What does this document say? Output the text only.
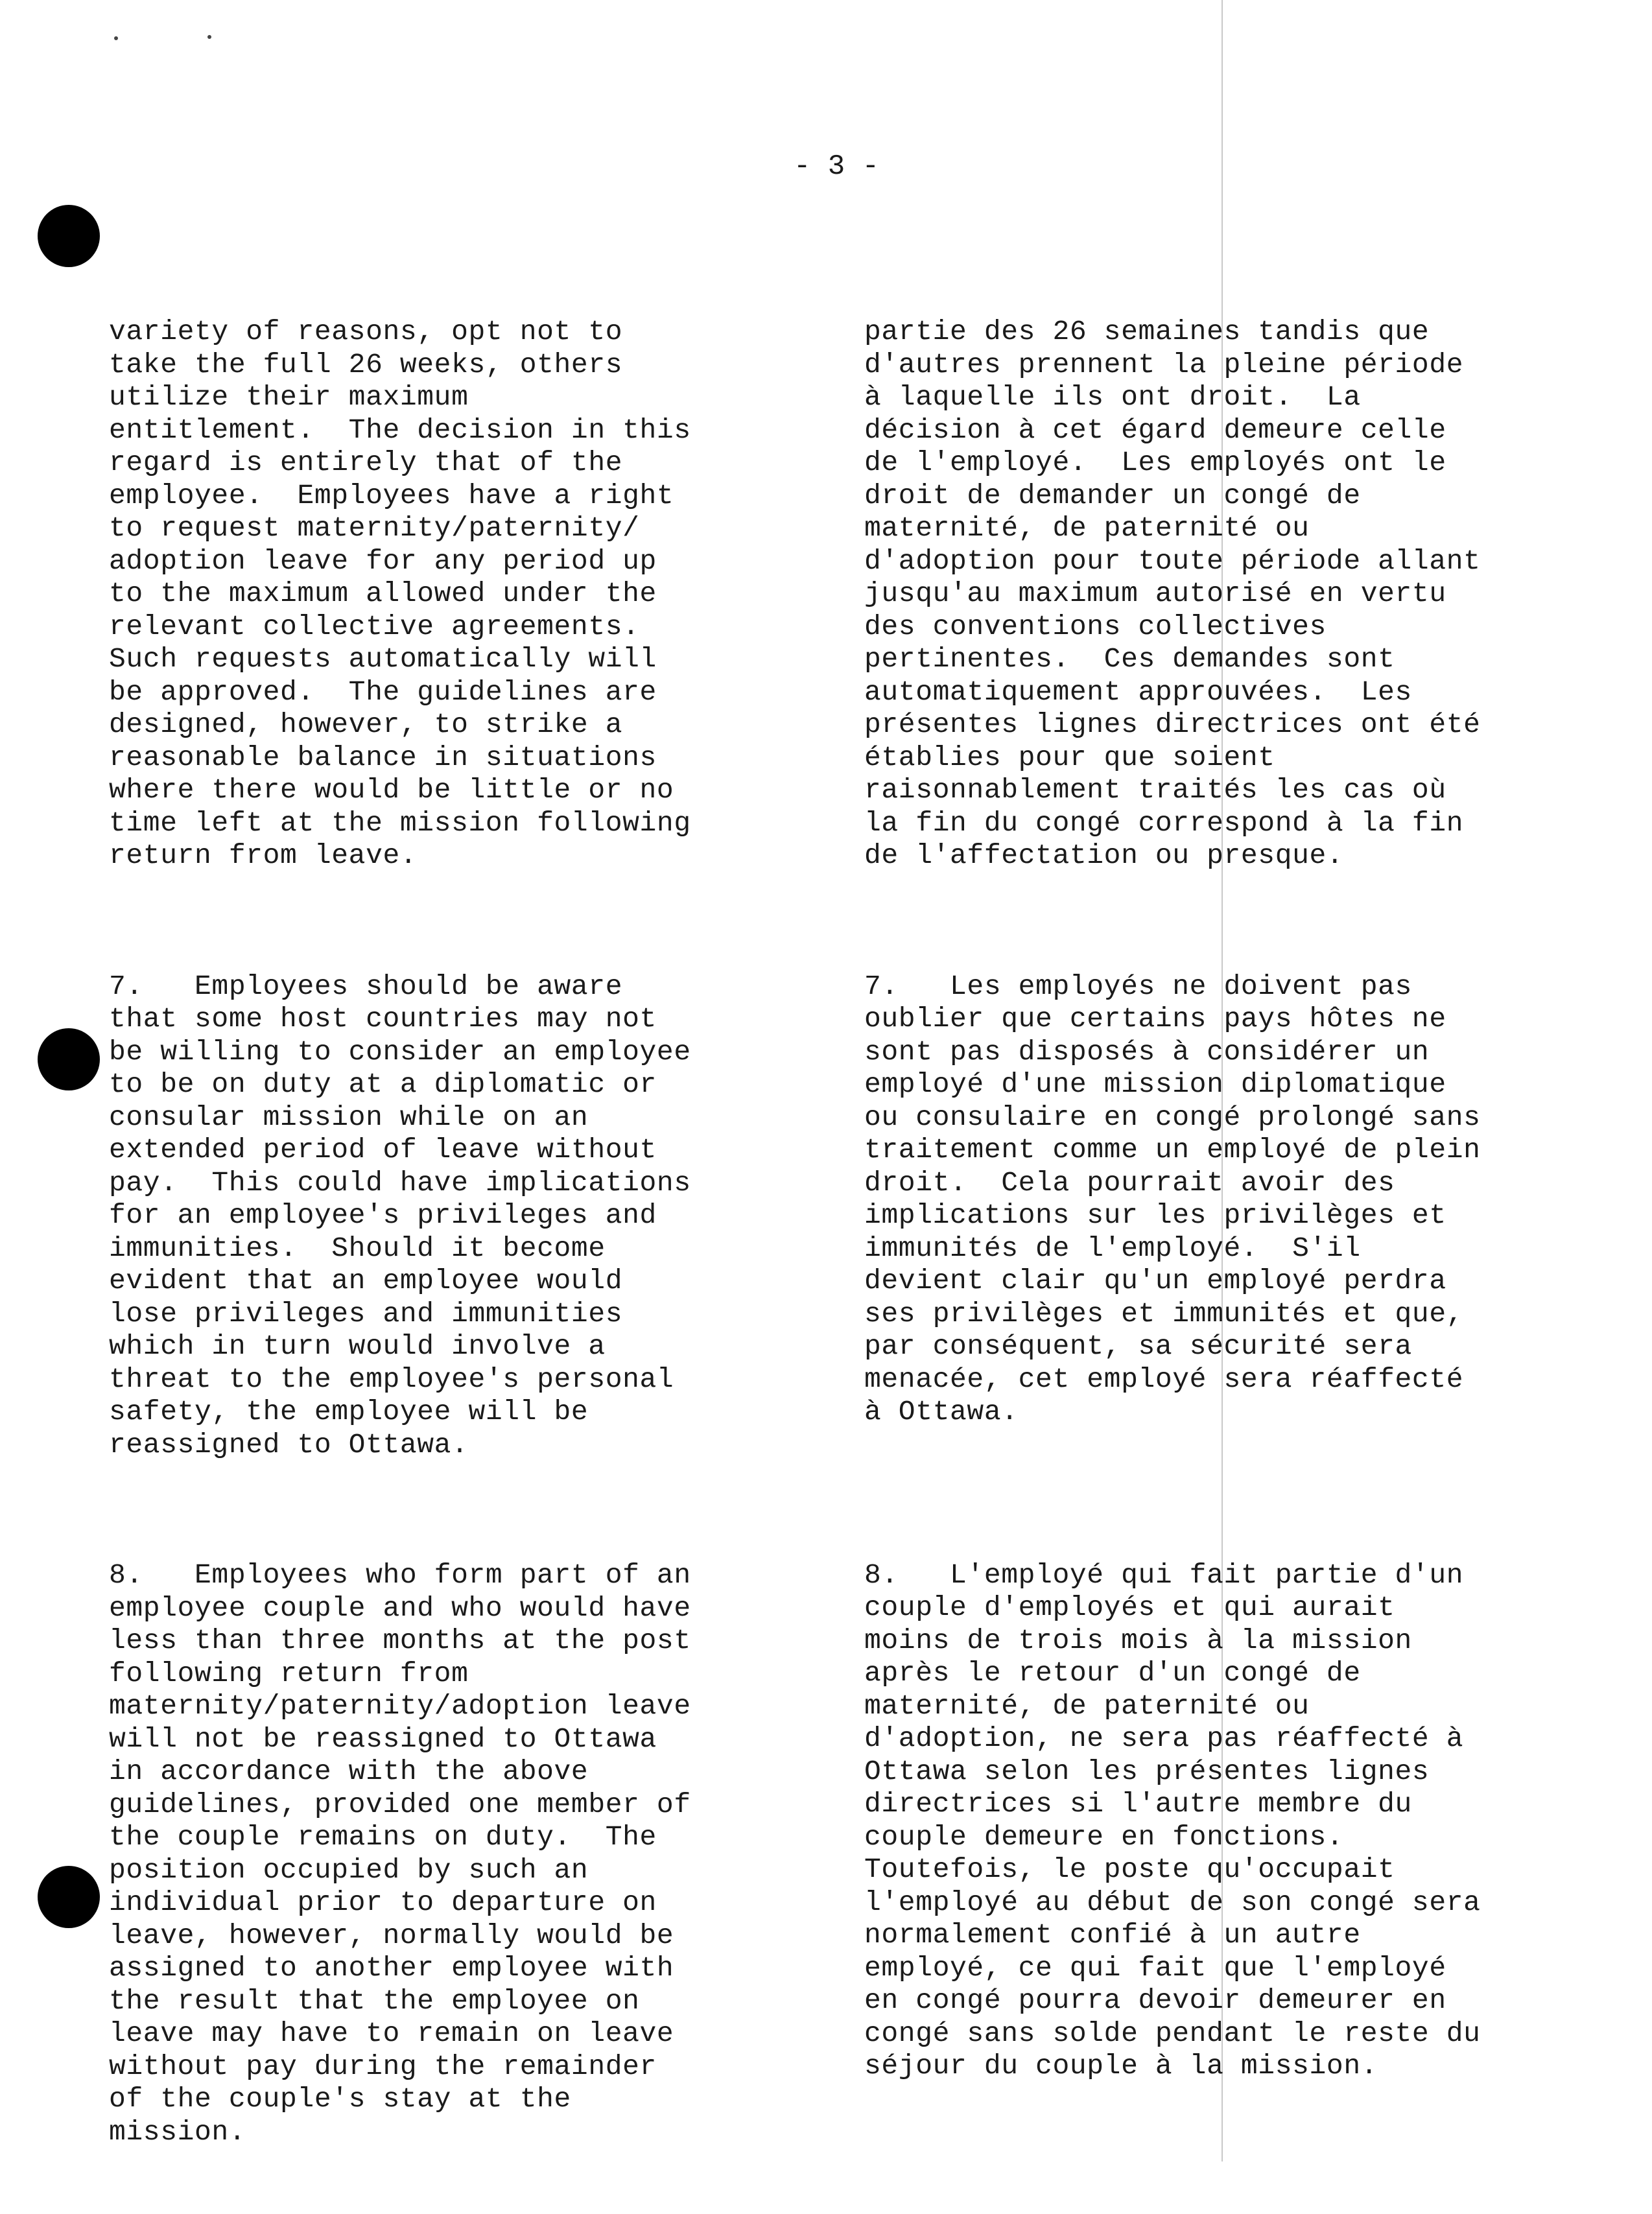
- 3 -

variety of reasons, opt not to
take the full 26 weeks, others
utilize their maximum
entitlement.  The decision in this
regard is entirely that of the
employee.  Employees have a right
to request maternity/paternity/
adoption leave for any period up
to the maximum allowed under the
relevant collective agreements.
Such requests automatically will
be approved.  The guidelines are
designed, however, to strike a
reasonable balance in situations
where there would be little or no
time left at the mission following
return from leave.

7.   Employees should be aware
that some host countries may not
be willing to consider an employee
to be on duty at a diplomatic or
consular mission while on an
extended period of leave without
pay.  This could have implications
for an employee's privileges and
immunities.  Should it become
evident that an employee would
lose privileges and immunities
which in turn would involve a
threat to the employee's personal
safety, the employee will be
reassigned to Ottawa.

8.   Employees who form part of an
employee couple and who would have
less than three months at the post
following return from
maternity/paternity/adoption leave
will not be reassigned to Ottawa
in accordance with the above
guidelines, provided one member of
the couple remains on duty.  The
position occupied by such an
individual prior to departure on
leave, however, normally would be
assigned to another employee with
the result that the employee on
leave may have to remain on leave
without pay during the remainder
of the couple's stay at the
mission.

partie des 26 semaines tandis que
d'autres prennent la pleine période
à laquelle ils ont droit.  La
décision à cet égard demeure celle
de l'employé.  Les employés ont le
droit de demander un congé de
maternité, de paternité ou
d'adoption pour toute période allant
jusqu'au maximum autorisé en vertu
des conventions collectives
pertinentes.  Ces demandes sont
automatiquement approuvées.  Les
présentes lignes directrices ont été
établies pour que soient
raisonnablement traités les cas où
la fin du congé correspond à la fin
de l'affectation ou presque.

7.   Les employés ne doivent pas
oublier que certains pays hôtes ne
sont pas disposés à considérer un
employé d'une mission diplomatique
ou consulaire en congé prolongé sans
traitement comme un employé de plein
droit.  Cela pourrait avoir des
implications sur les privilèges et
immunités de l'employé.  S'il
devient clair qu'un employé perdra
ses privilèges et immunités et que,
par conséquent, sa sécurité sera
menacée, cet employé sera réaffecté
à Ottawa.

8.   L'employé qui fait partie d'un
couple d'employés et qui aurait
moins de trois mois à la mission
après le retour d'un congé de
maternité, de paternité ou
d'adoption, ne sera pas réaffecté à
Ottawa selon les présentes lignes
directrices si l'autre membre du
couple demeure en fonctions.
Toutefois, le poste qu'occupait
l'employé au début de son congé sera
normalement confié à un autre
employé, ce qui fait que l'employé
en congé pourra devoir demeurer en
congé sans solde pendant le reste du
séjour du couple à la mission.
